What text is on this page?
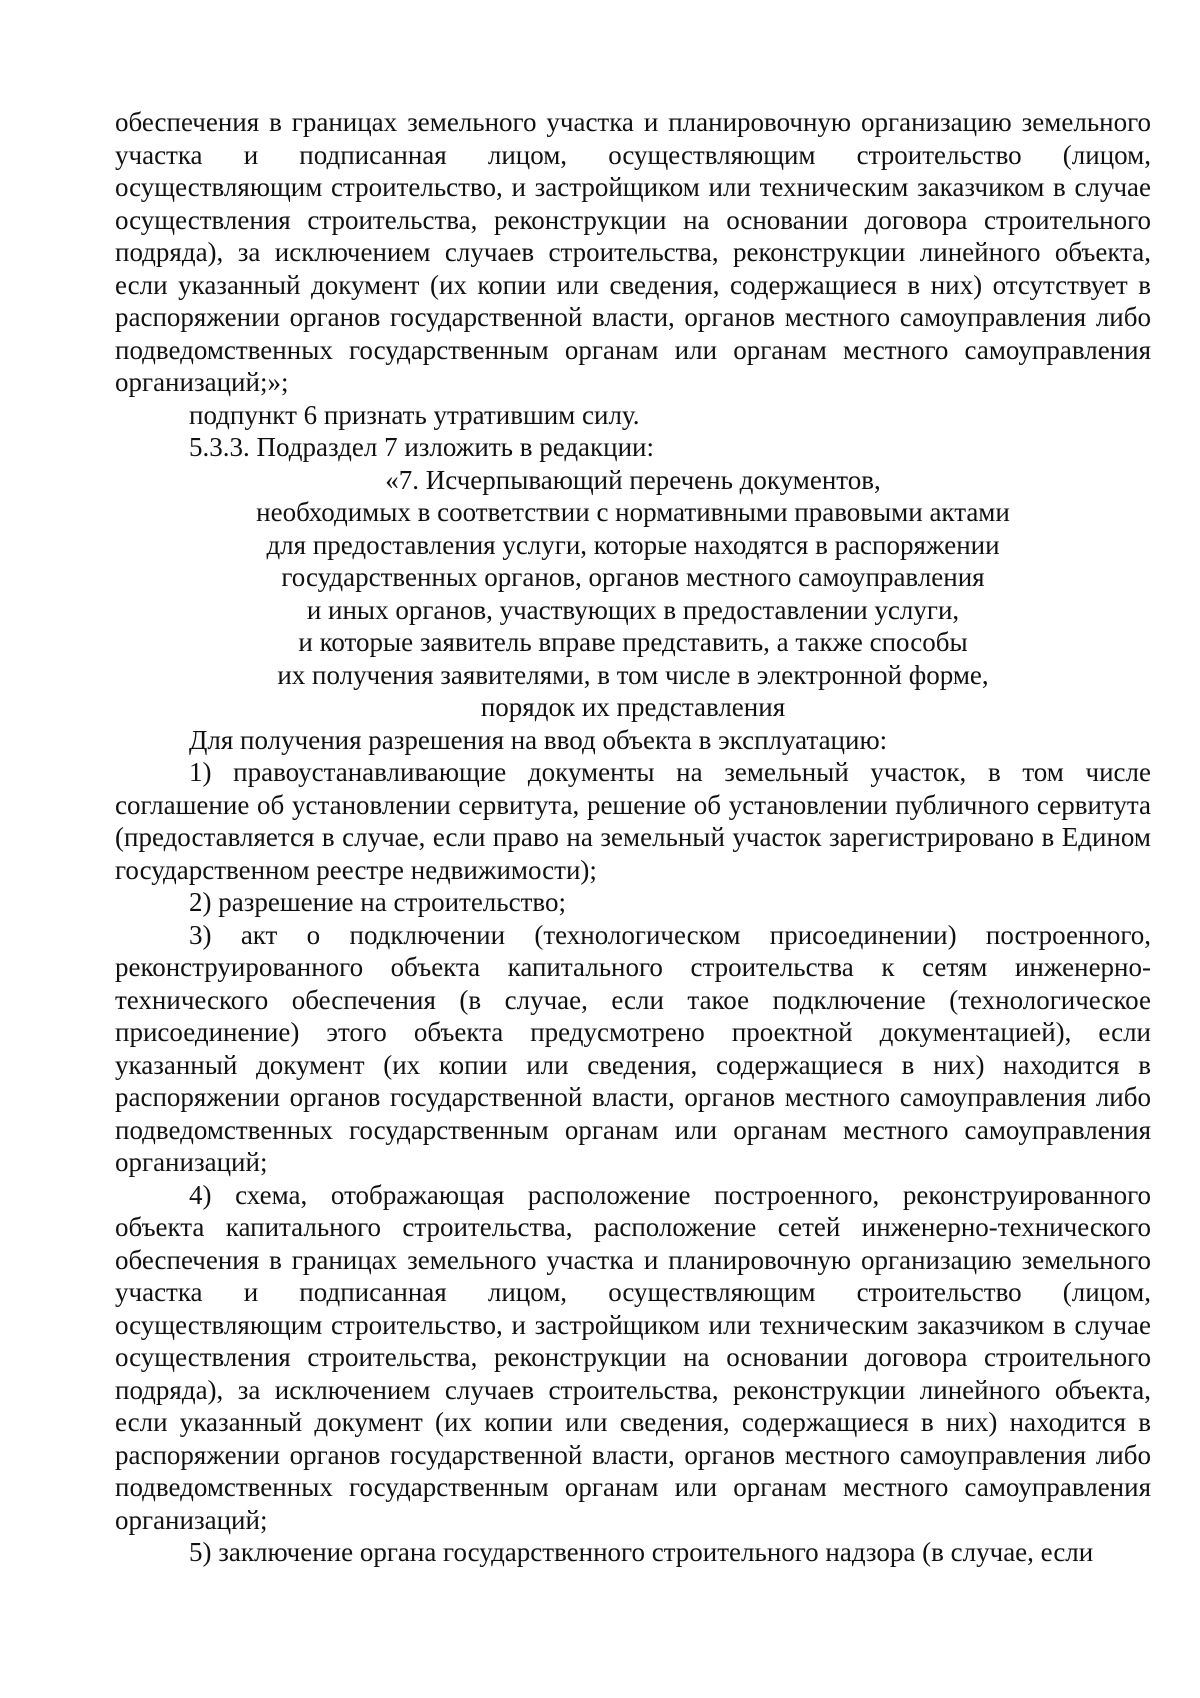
обеспечения в границах земельного участка и планировочную организацию земельного участка и подписанная лицом, осуществляющим строительство (лицом, осуществляющим строительство, и застройщиком или техническим заказчиком в случае осуществления строительства, реконструкции на основании договора строительного подряда), за исключением случаев строительства, реконструкции линейного объекта, если указанный документ (их копии или сведения, содержащиеся в них) отсутствует в распоряжении органов государственной власти, органов местного самоуправления либо подведомственных государственным органам или органам местного самоуправления организаций;»;

подпункт 6 признать утратившим силу.

5.3.3. Подраздел 7 изложить в редакции:

«7. Исчерпывающий перечень документов,
необходимых в соответствии с нормативными правовыми актами
для предоставления услуги, которые находятся в распоряжении
государственных органов, органов местного самоуправления
и иных органов, участвующих в предоставлении услуги,
и которые заявитель вправе представить, а также способы
их получения заявителями, в том числе в электронной форме,
порядок их представления

Для получения разрешения на ввод объекта в эксплуатацию:

1) правоустанавливающие документы на земельный участок, в том числе соглашение об установлении сервитута, решение об установлении публичного сервитута (предоставляется в случае, если право на земельный участок зарегистрировано в Едином государственном реестре недвижимости);

2) разрешение на строительство;

3) акт о подключении (технологическом присоединении) построенного, реконструированного объекта капитального строительства к сетям инженерно-технического обеспечения (в случае, если такое подключение (технологическое присоединение) этого объекта предусмотрено проектной документацией), если указанный документ (их копии или сведения, содержащиеся в них) находится в распоряжении органов государственной власти, органов местного самоуправления либо подведомственных государственным органам или органам местного самоуправления организаций;

4) схема, отображающая расположение построенного, реконструированного объекта капитального строительства, расположение сетей инженерно-технического обеспечения в границах земельного участка и планировочную организацию земельного участка и подписанная лицом, осуществляющим строительство (лицом, осуществляющим строительство, и застройщиком или техническим заказчиком в случае осуществления строительства, реконструкции на основании договора строительного подряда), за исключением случаев строительства, реконструкции линейного объекта, если указанный документ (их копии или сведения, содержащиеся в них) находится в распоряжении органов государственной власти, органов местного самоуправления либо подведомственных государственным органам или органам местного самоуправления организаций;

5) заключение органа государственного строительного надзора (в случае, если
